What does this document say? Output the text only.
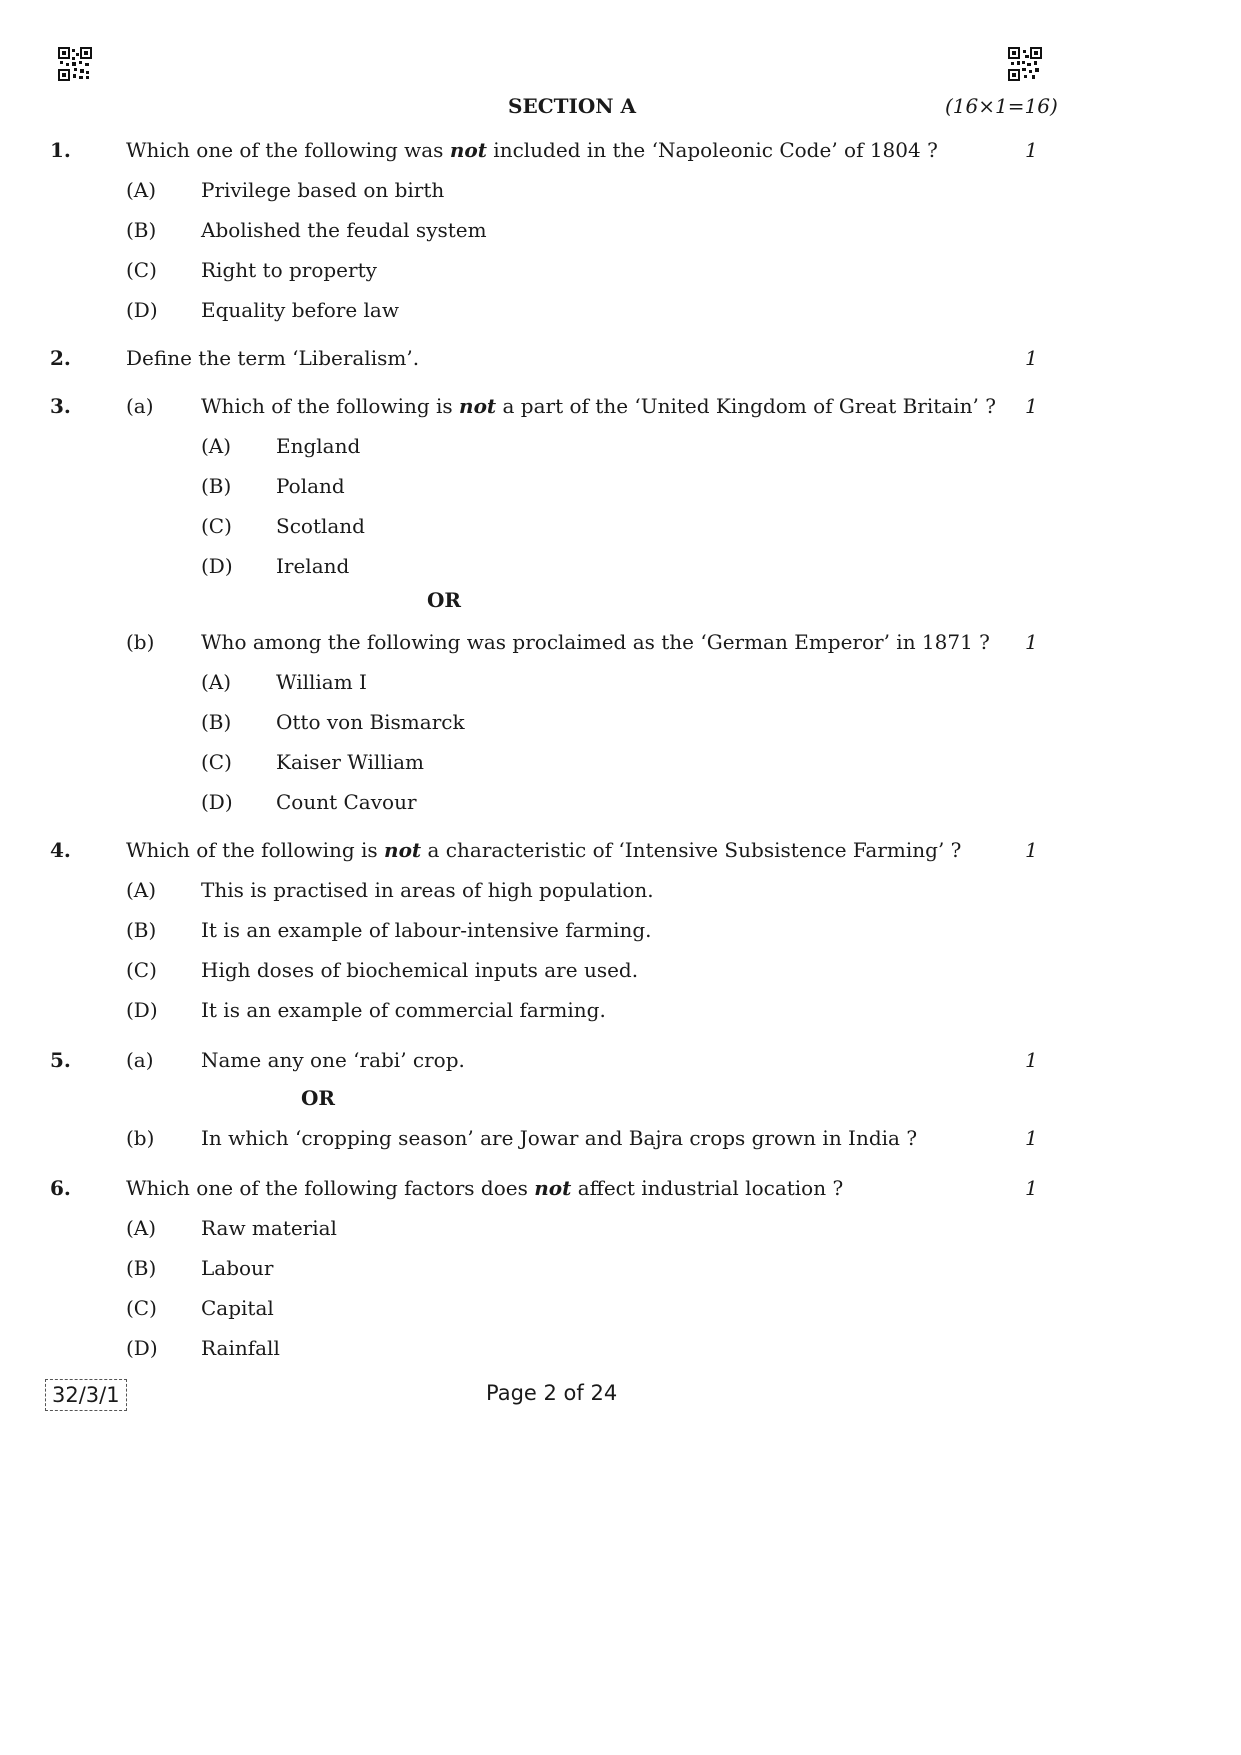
SECTION A	(16×1=16)
1.	Which one of the following was not included in the ‘Napoleonic Code’ of 1804 ?	1
(A) Privilege based on birth
(B) Abolished the feudal system
(C) Right to property
(D) Equality before law
2.	Define the term ‘Liberalism’.	1
3.	(a) Which of the following is not a part of the ‘United Kingdom of Great Britain’ ? 1
(A) England
(B) Poland
(C) Scotland
(D) Ireland
OR
(b) Who among the following was proclaimed as the ‘German Emperor’ in 1871 ? 1
(A) William I
(B) Otto von Bismarck
(C) Kaiser William
(D) Count Cavour
4.	Which of the following is not a characteristic of ‘Intensive Subsistence Farming’ ?	1
(A) This is practised in areas of high population.
(B) It is an example of labour-intensive farming.
(C) High doses of biochemical inputs are used.
(D) It is an example of commercial farming.
5.	(a) Name any one ‘rabi’ crop.	1
OR
(b) In which ‘cropping season’ are Jowar and Bajra crops grown in India ?	1
6.	Which one of the following factors does not affect industrial location ?	1
(A) Raw material
(B) Labour
(C) Capital
(D) Rainfall
32/3/1	Page 2 of 24
